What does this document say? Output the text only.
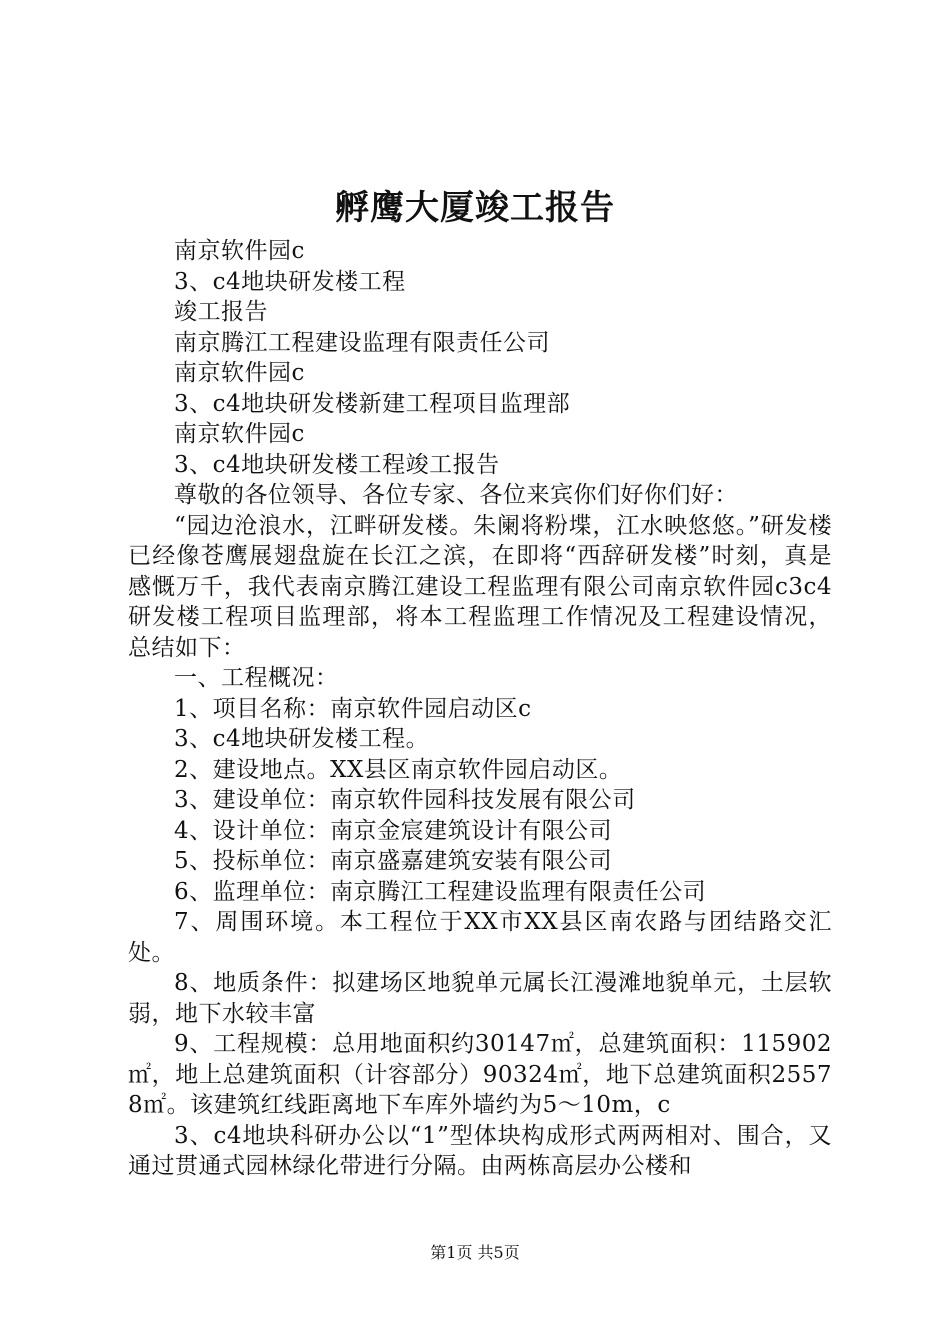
孵鹰大厦竣工报告

南京软件园c

3、c4地块研发楼工程

竣工报告

南京腾江工程建设监理有限责任公司

南京软件园c

3、c4地块研发楼新建工程项目监理部

南京软件园c

3、c4地块研发楼工程竣工报告

尊敬的各位领导、各位专家、各位来宾你们好你们好：

“园边沧浪水，江畔研发楼。朱阑将粉堞，江水映悠悠。”研发楼已经像苍鹰展翅盘旋在长江之滨，在即将“西辞研发楼”时刻，真是感慨万千，我代表南京腾江建设工程监理有限公司南京软件园c3c4研发楼工程项目监理部，将本工程监理工作情况及工程建设情况，总结如下：

一、工程概况：

1、项目名称：南京软件园启动区c

3、c4地块研发楼工程。

2、建设地点。XX县区南京软件园启动区。

3、建设单位：南京软件园科技发展有限公司

4、设计单位：南京金宸建筑设计有限公司

5、投标单位：南京盛嘉建筑安装有限公司

6、监理单位：南京腾江工程建设监理有限责任公司

7、周围环境。本工程位于XX市XX县区南农路与团结路交汇处。

8、地质条件：拟建场区地貌单元属长江漫滩地貌单元，土层软弱，地下水较丰富

9、工程规模：总用地面积约30147㎡，总建筑面积：115902㎡，地上总建筑面积（计容部分）90324㎡，地下总建筑面积25578㎡。该建筑红线距离地下车库外墙约为5～10m，c

3、c4地块科研办公以“1”型体块构成形式两两相对、围合，又通过贯通式园林绿化带进行分隔。由两栋高层办公楼和

第1页 共5页
